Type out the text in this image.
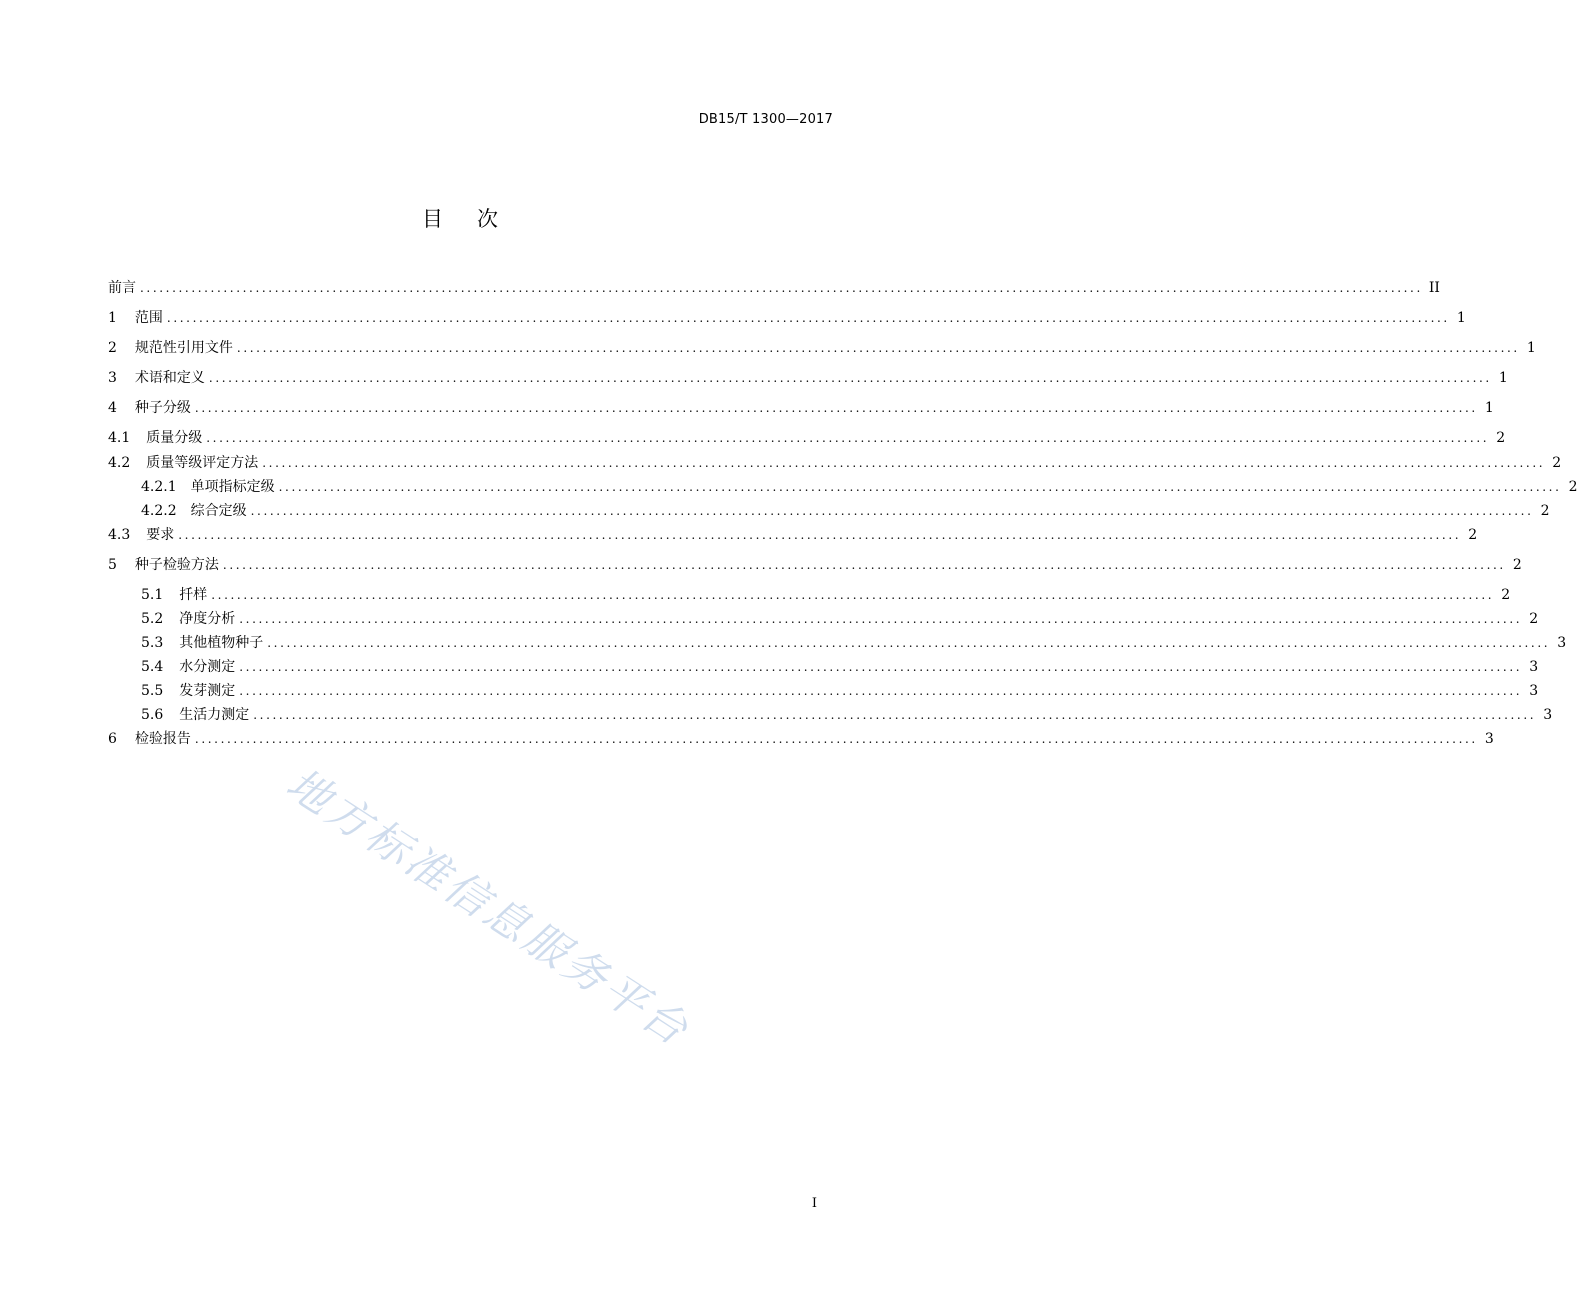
DB15/T 1300—2017
目 次
前言 ........................................................................................................................................................................................................ II
1 范围 ........................................................................................................................................................................................................ 1
2 规范性引用文件 ........................................................................................................................................................................................................ 1
3 术语和定义 ........................................................................................................................................................................................................ 1
4 种子分级 ........................................................................................................................................................................................................ 1
4.1 质量分级 ........................................................................................................................................................................................................ 2
4.2 质量等级评定方法 ........................................................................................................................................................................................................ 2
4.2.1 单项指标定级 ........................................................................................................................................................................................................ 2
4.2.2 综合定级 ........................................................................................................................................................................................................ 2
4.3 要求 ........................................................................................................................................................................................................ 2
5 种子检验方法 ........................................................................................................................................................................................................ 2
5.1 扦样 ........................................................................................................................................................................................................ 2
5.2 净度分析 ........................................................................................................................................................................................................ 2
5.3 其他植物种子 ........................................................................................................................................................................................................ 3
5.4 水分测定 ........................................................................................................................................................................................................ 3
5.5 发芽测定 ........................................................................................................................................................................................................ 3
5.6 生活力测定 ........................................................................................................................................................................................................ 3
6 检验报告 ........................................................................................................................................................................................................ 3
地方标准信息服务平台
I
